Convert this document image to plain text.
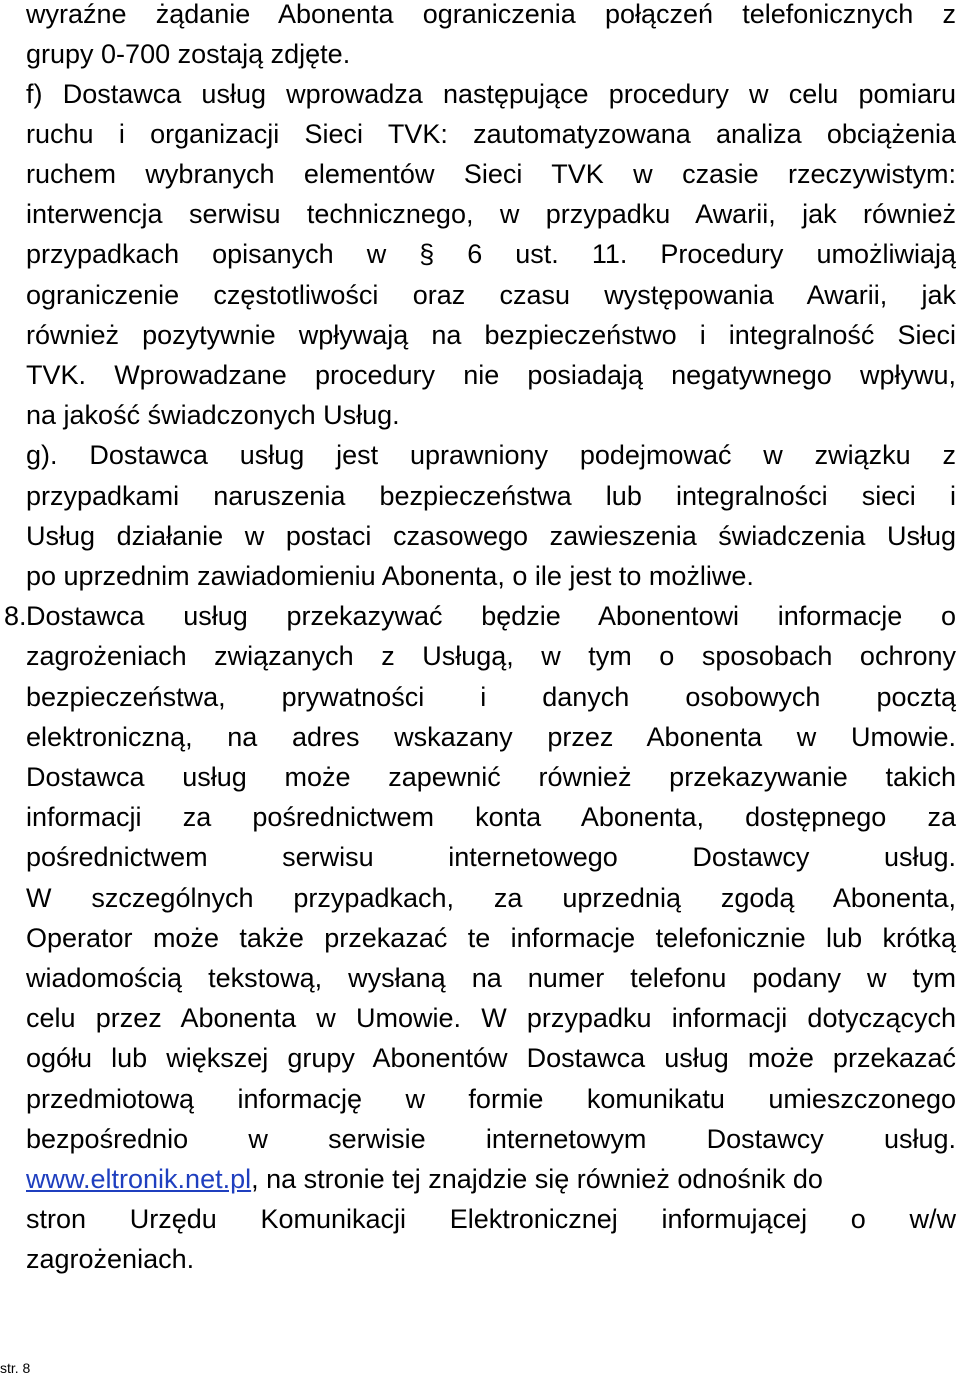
wyraźne żądanie Abonenta ograniczenia połączeń telefonicznych z
grupy 0-700 zostają zdjęte.
f) Dostawca usług wprowadza następujące procedury w celu pomiaru
ruchu i organizacji Sieci TVK: zautomatyzowana analiza obciążenia
ruchem wybranych elementów Sieci TVK w czasie rzeczywistym:
interwencja serwisu technicznego, w przypadku Awarii, jak również
przypadkach opisanych w § 6 ust. 11. Procedury umożliwiają
ograniczenie częstotliwości oraz czasu występowania Awarii, jak
również pozytywnie wpływają na bezpieczeństwo i integralność Sieci
TVK. Wprowadzane procedury nie posiadają negatywnego wpływu,
na jakość świadczonych Usług.
g). Dostawca usług jest uprawniony podejmować w związku z
przypadkami naruszenia bezpieczeństwa lub integralności sieci i
Usług działanie w postaci czasowego zawieszenia świadczenia Usług
po uprzednim zawiadomieniu Abonenta, o ile jest to możliwe.
8. Dostawca usług przekazywać będzie Abonentowi informacje o
zagrożeniach związanych z Usługą, w tym o sposobach ochrony
bezpieczeństwa, prywatności i danych osobowych pocztą
elektroniczną, na adres wskazany przez Abonenta w Umowie.
Dostawca usług może zapewnić również przekazywanie takich
informacji za pośrednictwem konta Abonenta, dostępnego za
pośrednictwem serwisu internetowego Dostawcy usług.
W szczególnych przypadkach, za uprzednią zgodą Abonenta,
Operator może także przekazać te informacje telefonicznie lub krótką
wiadomością tekstową, wysłaną na numer telefonu podany w tym
celu przez Abonenta w Umowie. W przypadku informacji dotyczących
ogółu lub większej grupy Abonentów Dostawca usług może przekazać
przedmiotową informację w formie komunikatu umieszczonego
bezpośrednio w serwisie internetowym Dostawcy usług.
www.eltronik.net.pl, na stronie tej znajdzie się również odnośnik do
stron Urzędu Komunikacji Elektronicznej informującej o w/w
zagrożeniach.
str. 8
